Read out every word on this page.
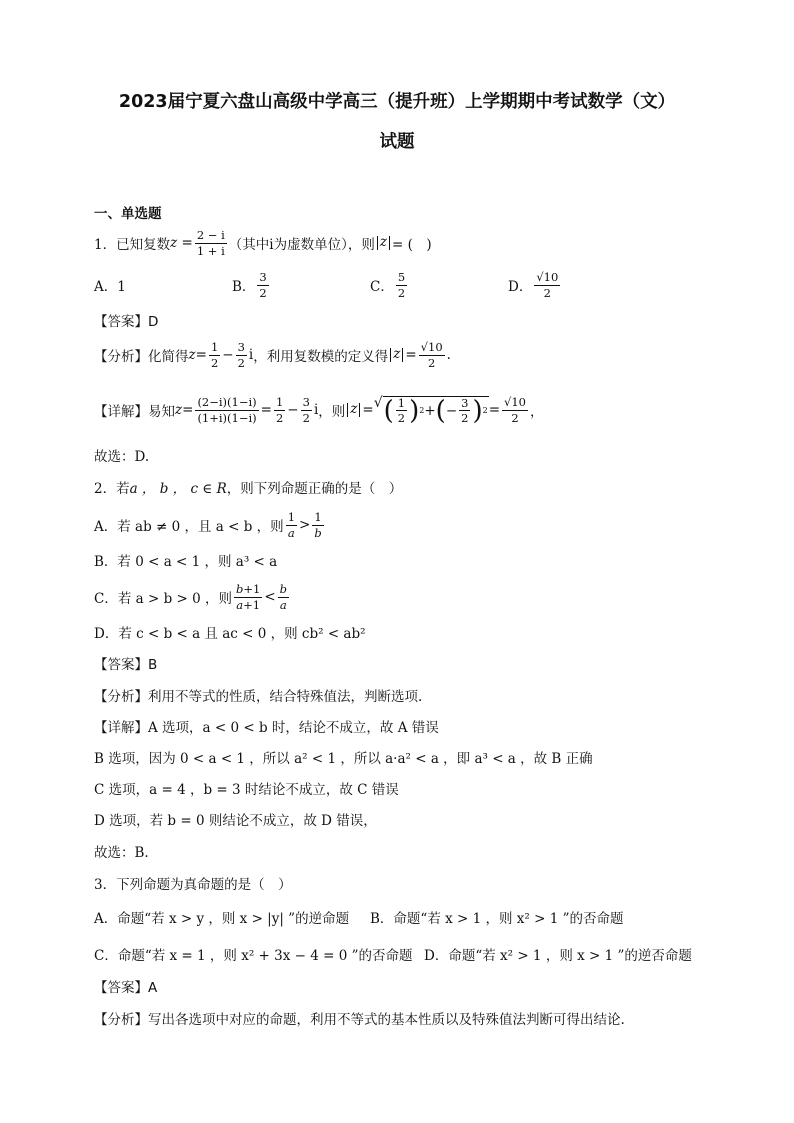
2023届宁夏六盘山高级中学高三（提升班）上学期期中考试数学（文）
试题
一、单选题
1．已知复数 $z = \frac{2 - i}{1 + i}$ （其中i为虚数单位），则 z = (　)
A．1	B． $\frac{3}{2}$	C． $\frac{5}{2}$	D． $\frac{√10}{2}$
【答案】D
【分析】 化简得 $z = \frac{1}{2} - \frac{3}{2}$ i ，利用复数模的定义得 $z = \frac{√10}{2}$ .
【详解】 易知 $z = \frac{(2-i)(1-i)}{(1+i)(1-i)} = \frac{1}{2} - \frac{3}{2}$ i ，则 z = √ ( $\frac{1}{2}$ ) 2 + ( − $\frac{3}{2}$ ) $2 = \frac{√10}{2}$ ，
故选：D.
2．若 a ， b ， c ∈ R ，则下列命题正确的是（　）
A．若 ab ≠ 0 ，且 a < b ，则 $\frac{1}{a} > \frac{1}{b}$
B．若 0 < a < 1 ，则 a³ < a
C．若 a > b > 0 ，则 $\frac{b+1}{a+1} < \frac{b}{a}$
D．若 c < b < a 且 ac < 0 ，则 cb² < ab²
【答案】B
【分析】利用不等式的性质，结合特殊值法，判断选项.
【详解】A 选项，a < 0 < b 时，结论不成立，故 A 错误
B 选项，因为 0 < a < 1 ，所以 a² < 1 ，所以 a·a² < a ，即 a³ < a ，故 B 正确
C 选项，a = 4 ，b = 3 时结论不成立，故 C 错误
D 选项，若 b = 0 则结论不成立，故 D 错误，
故选：B.
3．下列命题为真命题的是（　）
A．命题“若 x > y ，则 x > |y| ”的逆命题 B．命题“若 x > 1 ，则 x² > 1 ”的否命题
C．命题“若 x = 1 ，则 x² + 3x − 4 = 0 ”的否命题 D．命题“若 x² > 1 ，则 x > 1 ”的逆否命题
【答案】A
【分析】写出各选项中对应的命题，利用不等式的基本性质以及特殊值法判断可得出结论.
